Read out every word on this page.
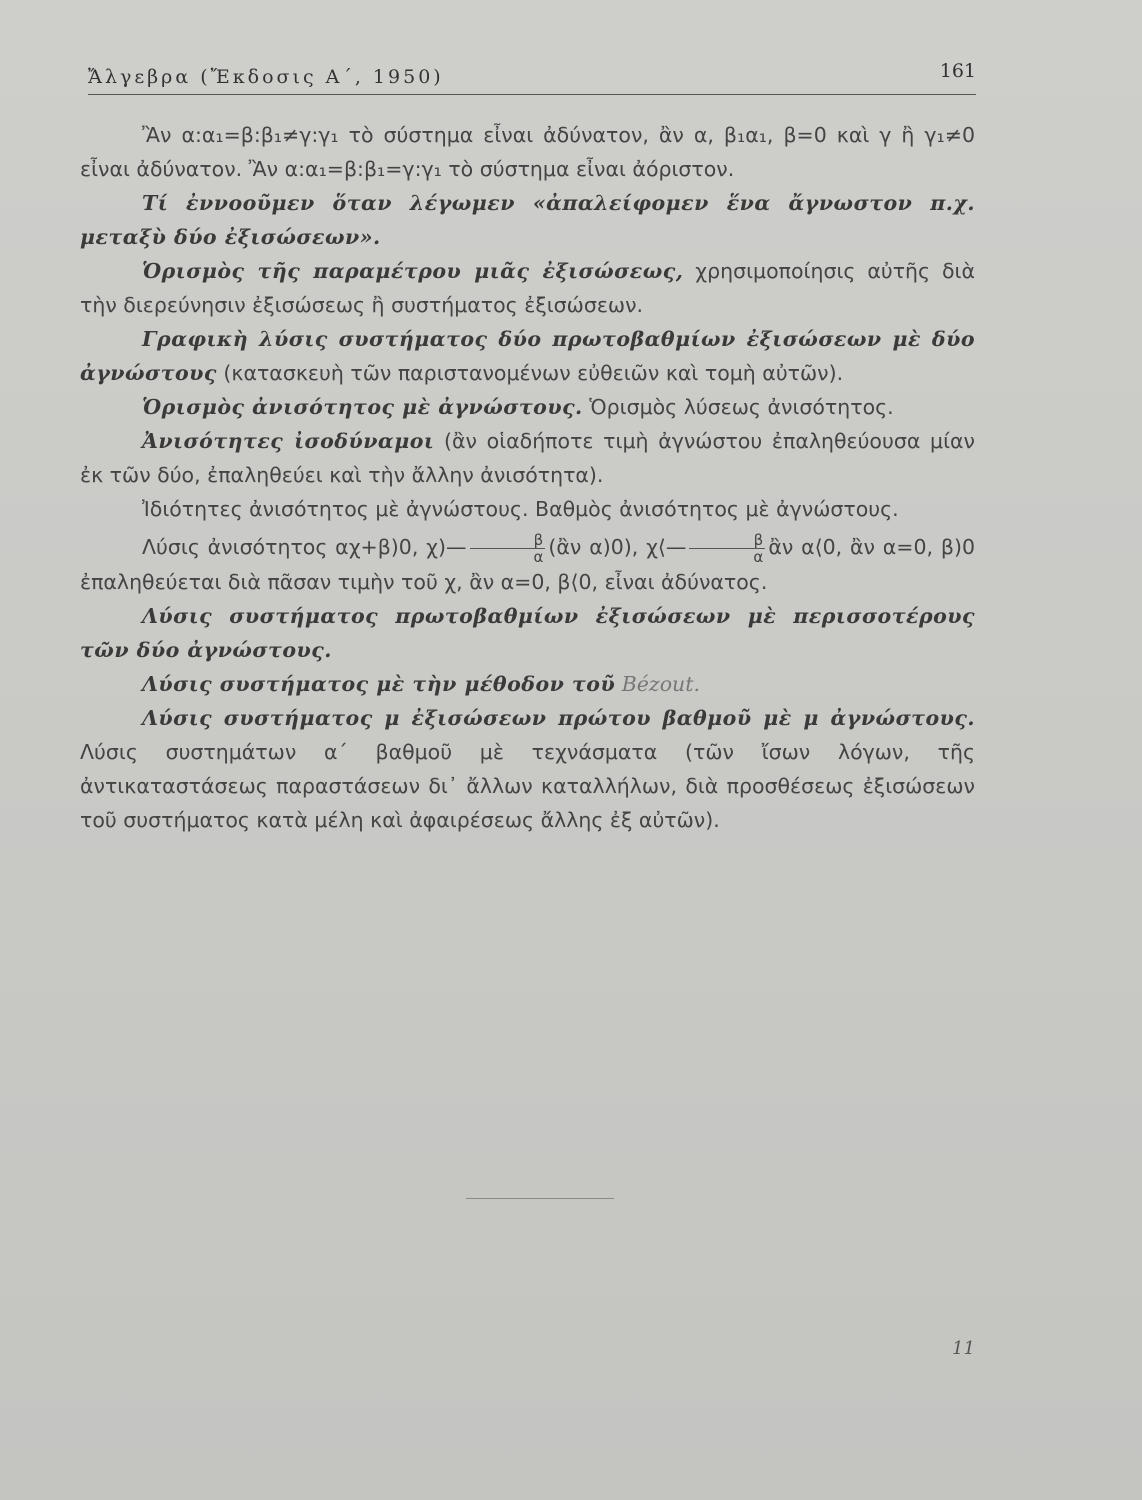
Ἄλγεβρα (Ἔκδοσις Α΄, 1950)	161

Ἂν α:α₁=β:β₁≠γ:γ₁ τὸ σύστημα εἶναι ἀδύνατον, ἂν α, β₁α₁, β=0 καὶ γ ἢ γ₁≠0 εἶναι ἀδύνατον. Ἂν α:α₁=β:β₁=γ:γ₁ τὸ σύστημα εἶναι ἀόριστον.

Τί ἐννοοῦμεν ὅταν λέγωμεν «ἀπαλείφομεν ἕνα ἄγνωστον π.χ. μεταξὺ δύο ἐξισώσεων».

Ὁρισμὸς τῆς παραμέτρου μιᾶς ἐξισώσεως, χρησιμοποίησις αὐτῆς διὰ τὴν διερεύνησιν ἐξισώσεως ἢ συστήματος ἐξισώσεων.

Γραφικὴ λύσις συστήματος δύο πρωτοβαθμίων ἐξισώσεων μὲ δύο ἀγνώστους (κατασκευὴ τῶν παριστανομένων εὐθειῶν καὶ τομὴ αὐτῶν).

Ὁρισμὸς ἀνισότητος μὲ ἀγνώστους. Ὁρισμὸς λύσεως ἀνισότητος.

Ἀνισότητες ἰσοδύναμοι (ἂν οἱαδήποτε τιμὴ ἀγνώστου ἐπαληθεύουσα μίαν ἐκ τῶν δύο, ἐπαληθεύει καὶ τὴν ἄλλην ἀνισότητα).

Ἰδιότητες ἀνισότητος μὲ ἀγνώστους. Βαθμὸς ἀνισότητος μὲ ἀγνώστους.

Λύσις ἀνισότητος αχ+β)0, χ)— $\frac{\beta}{\alpha}$ (ἂν α)0), χ⟨— $\frac{\beta}{\alpha}$ ἂν α⟨0, ἂν α=0, β)0 ἐπαληθεύεται διὰ πᾶσαν τιμὴν τοῦ χ, ἂν α=0, β⟨0, εἶναι ἀδύνατος.

Λύσις συστήματος πρωτοβαθμίων ἐξισώσεων μὲ περισσοτέρους τῶν δύο ἀγνώστους.

Λύσις συστήματος μὲ τὴν μέθοδον τοῦ Bézout.

Λύσις συστήματος μ ἐξισώσεων πρώτου βαθμοῦ μὲ μ ἀγνώστους. Λύσις συστημάτων α΄ βαθμοῦ μὲ τεχνάσματα (τῶν ἴσων λόγων, τῆς ἀντικαταστάσεως παραστάσεων δι᾿ ἄλλων καταλλήλων, διὰ προσθέσεως ἐξισώσεων τοῦ συστήματος κατὰ μέλη καὶ ἀφαιρέσεως ἄλλης ἐξ αὐτῶν).

11
